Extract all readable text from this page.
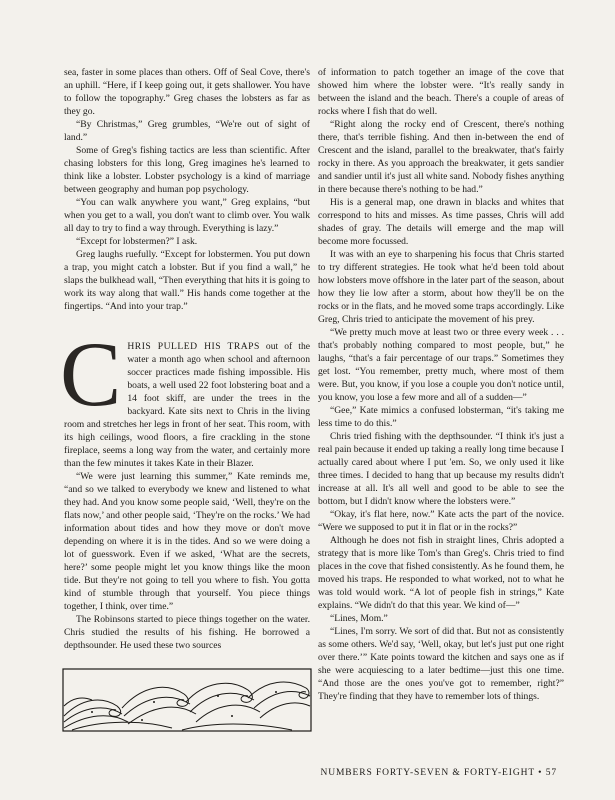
sea, faster in some places than others. Off of Seal Cove, there's an uphill. “Here, if I keep going out, it gets shallower. You have to follow the topography.” Greg chases the lobsters as far as they go.

“By Christmas,” Greg grumbles, “We're out of sight of land.”

Some of Greg's fishing tactics are less than scientific. After chasing lobsters for this long, Greg imagines he's learned to think like a lobster. Lobster psychology is a kind of marriage between geography and human pop psychology.

“You can walk anywhere you want,” Greg explains, “but when you get to a wall, you don't want to climb over. You walk all day to try to find a way through. Everything is lazy.”

“Except for lobstermen?” I ask.

Greg laughs ruefully. “Except for lobstermen. You put down a trap, you might catch a lobster. But if you find a wall,” he slaps the bulkhead wall, “Then everything that hits it is going to work its way along that wall.” His hands come together at the fingertips. “And into your trap.”

CHRIS PULLED HIS TRAPS out of the water a month ago when school and afternoon soccer practices made fishing impossible. His boats, a well used 22 foot lobstering boat and a 14 foot skiff, are under the trees in the backyard. Kate sits next to Chris in the living room and stretches her legs in front of her seat. This room, with its high ceilings, wood floors, a fire crackling in the stone fireplace, seems a long way from the water, and certainly more than the few minutes it takes Kate in their Blazer.

“We were just learning this summer,” Kate reminds me, “and so we talked to everybody we knew and listened to what they had. And you know some people said, ‘Well, they're on the flats now,’ and other people said, ‘They're on the rocks.’ We had information about tides and how they move or don't move depending on where it is in the tides. And so we were doing a lot of guesswork. Even if we asked, ‘What are the secrets, here?’ some people might let you know things like the moon tide. But they're not going to tell you where to fish. You gotta kind of stumble through that yourself. You piece things together, I think, over time.”

The Robinsons started to piece things together on the water. Chris studied the results of his fishing. He borrowed a depthsounder. He used these two sources

of information to patch together an image of the cove that showed him where the lobster were. “It's really sandy in between the island and the beach. There's a couple of areas of rocks where I fish that do well.

“Right along the rocky end of Crescent, there's nothing there, that's terrible fishing. And then in-between the end of Crescent and the island, parallel to the breakwater, that's fairly rocky in there. As you approach the breakwater, it gets sandier and sandier until it's just all white sand. Nobody fishes anything in there because there's nothing to be had.”

His is a general map, one drawn in blacks and whites that correspond to hits and misses. As time passes, Chris will add shades of gray. The details will emerge and the map will become more focussed.

It was with an eye to sharpening his focus that Chris started to try different strategies. He took what he'd been told about how lobsters move offshore in the later part of the season, about how they lie low after a storm, about how they'll be on the rocks or in the flats, and he moved some traps accordingly. Like Greg, Chris tried to anticipate the movement of his prey.

“We pretty much move at least two or three every week . . . that's probably nothing compared to most people, but,” he laughs, “that's a fair percentage of our traps.” Sometimes they get lost. “You remember, pretty much, where most of them were. But, you know, if you lose a couple you don't notice until, you know, you lose a few more and all of a sudden—”

“Gee,” Kate mimics a confused lobsterman, “it's taking me less time to do this.”

Chris tried fishing with the depthsounder. “I think it's just a real pain because it ended up taking a really long time because I actually cared about where I put 'em. So, we only used it like three times. I decided to hang that up because my results didn't increase at all. It's all well and good to be able to see the bottom, but I didn't know where the lobsters were.”

“Okay, it's flat here, now.” Kate acts the part of the novice. “Were we supposed to put it in flat or in the rocks?”

Although he does not fish in straight lines, Chris adopted a strategy that is more like Tom's than Greg's. Chris tried to find places in the cove that fished consistently. As he found them, he moved his traps. He responded to what worked, not to what he was told would work. “A lot of people fish in strings,” Kate explains. “We didn't do that this year. We kind of—”

“Lines, Mom.”

“Lines, I'm sorry. We sort of did that. But not as consistently as some others. We'd say, ‘Well, okay, but let's just put one right over there.’” Kate points toward the kitchen and says one as if she were acquiescing to a later bedtime—just this one time. “And those are the ones you've got to remember, right?” They're finding that they have to remember lots of things.

NUMBERS FORTY-SEVEN & FORTY-EIGHT • 57
